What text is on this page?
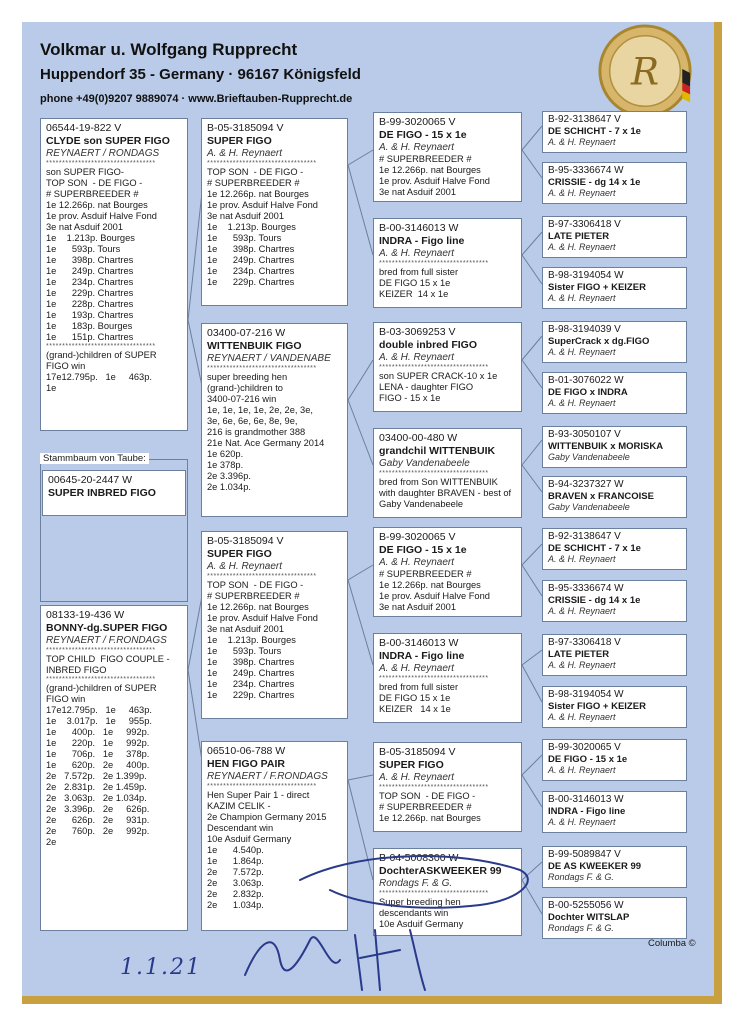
Volkmar u. Wolfgang Rupprecht
Huppendorf 35 - Germany · 96167 Königsfeld
phone +49(0)9207 9889074 · www.Brieftauben-Rupprecht.de
R
06544-19-822 V
CLYDE son SUPER FIGO
REYNAERT / RONDAGS
**********************************
son SUPER FIGO-
TOP SON  - DE FIGO -
# SUPERBREEDER #
1e 12.266p. nat Bourges
1e prov. Asduif Halve Fond
3e nat Asduif 2001
1e    1.213p. Bourges
1e      593p. Tours
1e      398p. Chartres
1e      249p. Chartres
1e      234p. Chartres
1e      229p. Chartres
1e      228p. Chartres
1e      193p. Chartres
1e      183p. Bourges
1e      151p. Chartres
**********************************
(grand-)children of SUPER
FIGO win
17e12.795p.   1e     463p.
1e
Stammbaum von Taube:
00645-20-2447 W
SUPER INBRED FIGO
08133-19-436 W
BONNY-dg.SUPER FIGO
REYNAERT / F.RONDAGS
**********************************
TOP CHILD  FIGO COUPLE -
INBRED FIGO
**********************************
(grand-)children of SUPER
FIGO win
17e12.795p.   1e     463p.
1e    3.017p.   1e     955p.
1e      400p.   1e     992p.
1e      220p.   1e     992p.
1e      706p.   1e     378p.
1e      620p.   2e     400p.
2e   7.572p.   2e 1.399p.
2e   2.831p.   2e 1.459p.
2e   3.063p.   2e 1.034p.
2e   3.396p.   2e     626p.
2e      626p.   2e     931p.
2e      760p.   2e     992p.
2e
B-05-3185094 V
SUPER FIGO
A. & H. Reynaert
**********************************
TOP SON  - DE FIGO -
# SUPERBREEDER #
1e 12.266p. nat Bourges
1e prov. Asduif Halve Fond
3e nat Asduif 2001
1e    1.213p. Bourges
1e      593p. Tours
1e      398p. Chartres
1e      249p. Chartres
1e      234p. Chartres
1e      229p. Chartres
03400-07-216 W
WITTENBUIK FIGO
REYNAERT / VANDENABE
**********************************
super breeding hen
(grand-)children to
3400-07-216 win
1e, 1e, 1e, 1e, 2e, 2e, 3e,
3e, 6e, 6e, 6e, 8e, 9e,
216 is grandmother 388
21e Nat. Ace Germany 2014
1e 620p.
1e 378p.
2e 3.396p.
2e 1.034p.
B-05-3185094 V
SUPER FIGO
A. & H. Reynaert
**********************************
TOP SON  - DE FIGO -
# SUPERBREEDER #
1e 12.266p. nat Bourges
1e prov. Asduif Halve Fond
3e nat Asduif 2001
1e    1.213p. Bourges
1e      593p. Tours
1e      398p. Chartres
1e      249p. Chartres
1e      234p. Chartres
1e      229p. Chartres
06510-06-788 W
HEN FIGO PAIR
REYNAERT / F.RONDAGS
**********************************
Hen Super Pair 1 - direct
KAZIM CELIK -
2e Champion Germany 2015
Descendant win
10e Asduif Germany
1e      4.540p.
1e      1.864p.
2e      7.572p.
2e      3.063p.
2e      2.832p.
2e      1.034p.
B-99-3020065 V
DE FIGO - 15 x 1e
A. & H. Reynaert
# SUPERBREEDER #
1e 12.266p. nat Bourges
1e prov. Asduif Halve Fond
3e nat Asduif 2001
B-00-3146013 W
INDRA - Figo line
A. & H. Reynaert
**********************************
bred from full sister
DE FIGO 15 x 1e
KEIZER  14 x 1e
B-03-3069253 V
double inbred FIGO
A. & H. Reynaert
**********************************
son SUPER CRACK-10 x 1e
LENA - daughter FIGO
FIGO - 15 x 1e
03400-00-480 W
grandchil WITTENBUIK
Gaby Vandenabeele
**********************************
bred from Son WITTENBUIK
with daughter BRAVEN - best of
Gaby Vandenabeele
B-99-3020065 V
DE FIGO - 15 x 1e
A. & H. Reynaert
# SUPERBREEDER #
1e 12.266p. nat Bourges
1e prov. Asduif Halve Fond
3e nat Asduif 2001
B-00-3146013 W
INDRA - Figo line
A. & H. Reynaert
**********************************
bred from full sister
DE FIGO 15 x 1e
KEIZER   14 x 1e
B-05-3185094 V
SUPER FIGO
A. & H. Reynaert
**********************************
TOP SON  - DE FIGO -
# SUPERBREEDER #
1e 12.266p. nat Bourges
B-04-5008300 W
DochterASKWEEKER 99
Rondags F. & G.
**********************************
Super breeding hen
descendants win
10e Asduif Germany
B-92-3138647 V
DE SCHICHT - 7 x 1e
A. & H. Reynaert
B-95-3336674 W
CRISSIE - dg 14 x 1e
A. & H. Reynaert
B-97-3306418 V
LATE PIETER
A. & H. Reynaert
B-98-3194054 W
Sister FIGO + KEIZER
A. & H. Reynaert
B-98-3194039 V
SuperCrack x dg.FIGO
A. & H. Reynaert
B-01-3076022 W
DE FIGO x INDRA
A. & H. Reynaert
B-93-3050107 V
WITTENBUIK x MORISKA
Gaby Vandenabeele
B-94-3237327 W
BRAVEN x FRANCOISE
Gaby Vandenabeele
B-92-3138647 V
DE SCHICHT - 7 x 1e
A. & H. Reynaert
B-95-3336674 W
CRISSIE - dg 14 x 1e
A. & H. Reynaert
B-97-3306418 V
LATE PIETER
A. & H. Reynaert
B-98-3194054 W
Sister FIGO + KEIZER
A. & H. Reynaert
B-99-3020065 V
DE FIGO - 15 x 1e
A. & H. Reynaert
B-00-3146013 W
INDRA - Figo line
A. & H. Reynaert
B-99-5089847 V
DE AS KWEEKER 99
Rondags F. & G.
B-00-5255056 W
Dochter WITSLAP
Rondags F. & G.
Columba ©
1.1.21
